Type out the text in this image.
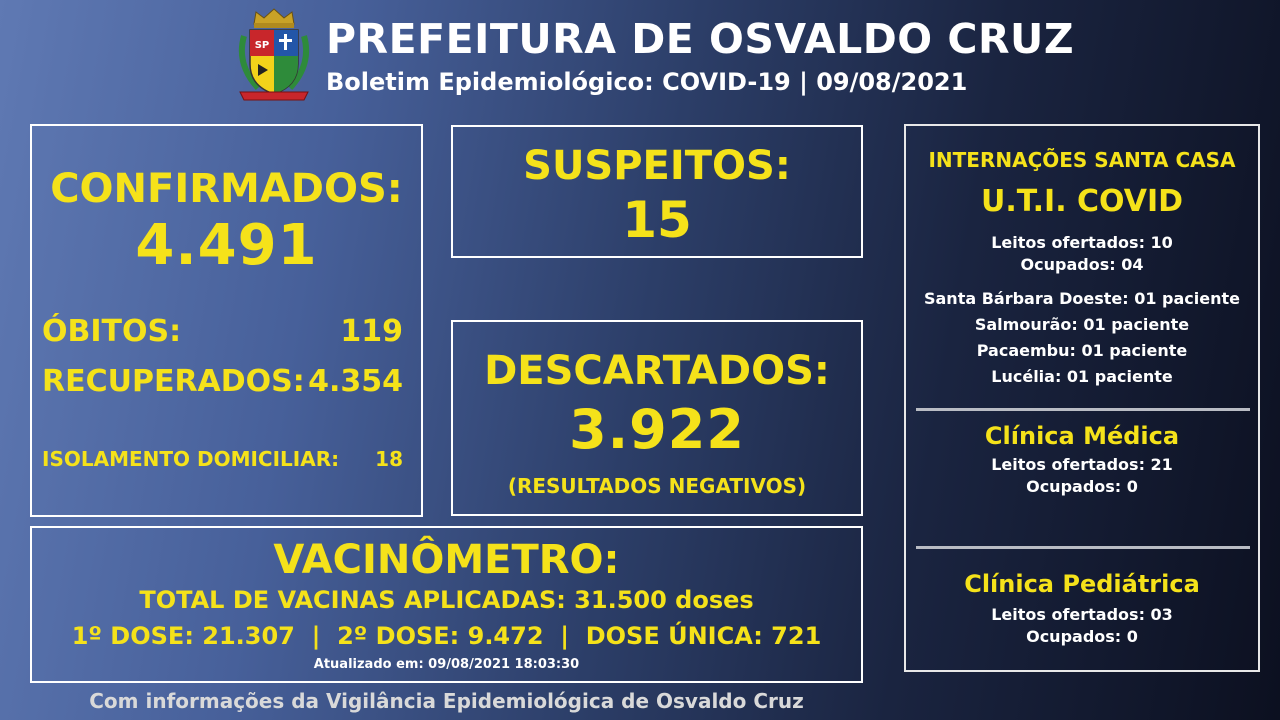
SP PREFEITURA DE OSVALDO CRUZ
Boletim Epidemiológico: COVID-19 | 09/08/2021
CONFIRMADOS:
4.491
ÓBITOS:	119
RECUPERADOS: 4.354
ISOLAMENTO DOMICILIAR: 18
SUSPEITOS:
15
DESCARTADOS:
3.922
(RESULTADOS NEGATIVOS)
VACINÔMETRO:
TOTAL DE VACINAS APLICADAS: 31.500 doses
1º DOSE: 21.307  |  2º DOSE: 9.472  |  DOSE ÚNICA: 721
Atualizado em: 09/08/2021 18:03:30
INTERNAÇÕES SANTA CASA
U.T.I. COVID
Leitos ofertados: 10
Ocupados: 04
Santa Bárbara Doeste: 01 paciente
Salmourão: 01 paciente
Pacaembu: 01 paciente
Lucélia: 01 paciente
Clínica Médica
Leitos ofertados: 21
Ocupados: 0
Clínica Pediátrica
Leitos ofertados: 03
Ocupados: 0
Com informações da Vigilância Epidemiológica de Osvaldo Cruz
